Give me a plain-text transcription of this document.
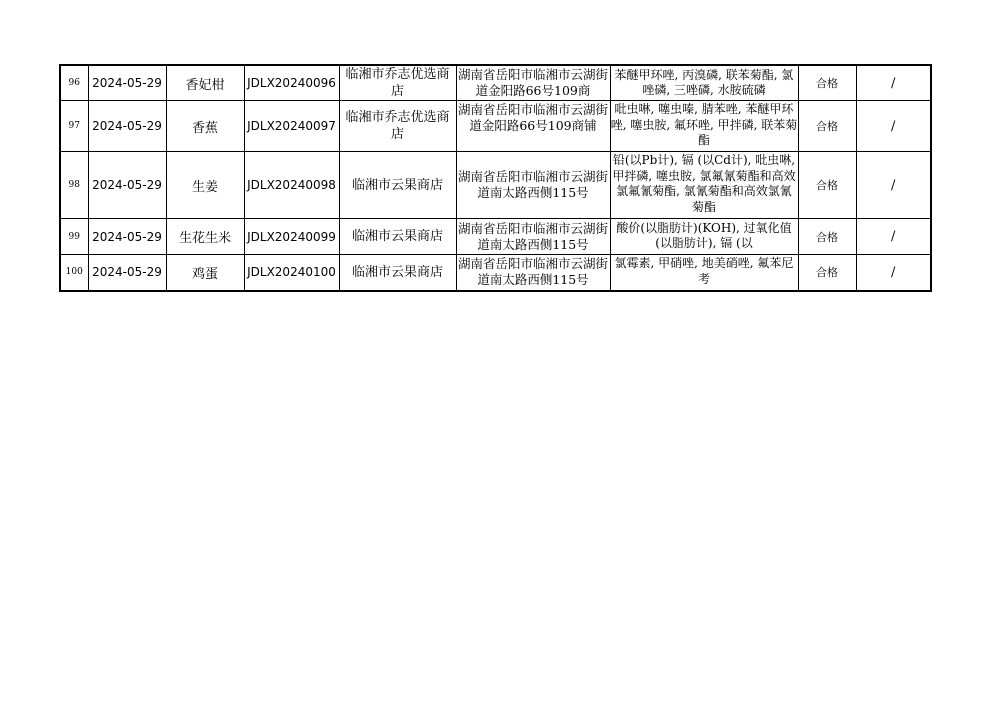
96	2024-05-29	香妃柑	JDLX20240096	临湘市乔志优选商店	湖南省岳阳市临湘市云湖街道金阳路66号109商	苯醚甲环唑, 丙溴磷, 联苯菊酯, 氯唑磷, 三唑磷, 水胺硫磷	合格	/
97	2024-05-29	香蕉	JDLX20240097	临湘市乔志优选商店	湖南省岳阳市临湘市云湖街道金阳路66号109商铺	吡虫啉, 噻虫嗪, 腈苯唑, 苯醚甲环唑, 噻虫胺, 氟环唑, 甲拌磷, 联苯菊酯	合格	/
98	2024-05-29	生姜	JDLX20240098	临湘市云果商店	湖南省岳阳市临湘市云湖街道南太路西侧115号	铅(以Pb计), 镉 (以Cd计), 吡虫啉, 甲拌磷, 噻虫胺, 氯氟氰菊酯和高效氯氟氰菊酯, 氯氰菊酯和高效氯氰菊酯	合格	/
99	2024-05-29	生花生米	JDLX20240099	临湘市云果商店	湖南省岳阳市临湘市云湖街道南太路西侧115号	酸价(以脂肪计)(KOH), 过氧化值(以脂肪计), 镉 (以	合格	/
100	2024-05-29	鸡蛋	JDLX20240100	临湘市云果商店	湖南省岳阳市临湘市云湖街道南太路西侧115号	氯霉素, 甲硝唑, 地美硝唑, 氟苯尼考	合格	/
